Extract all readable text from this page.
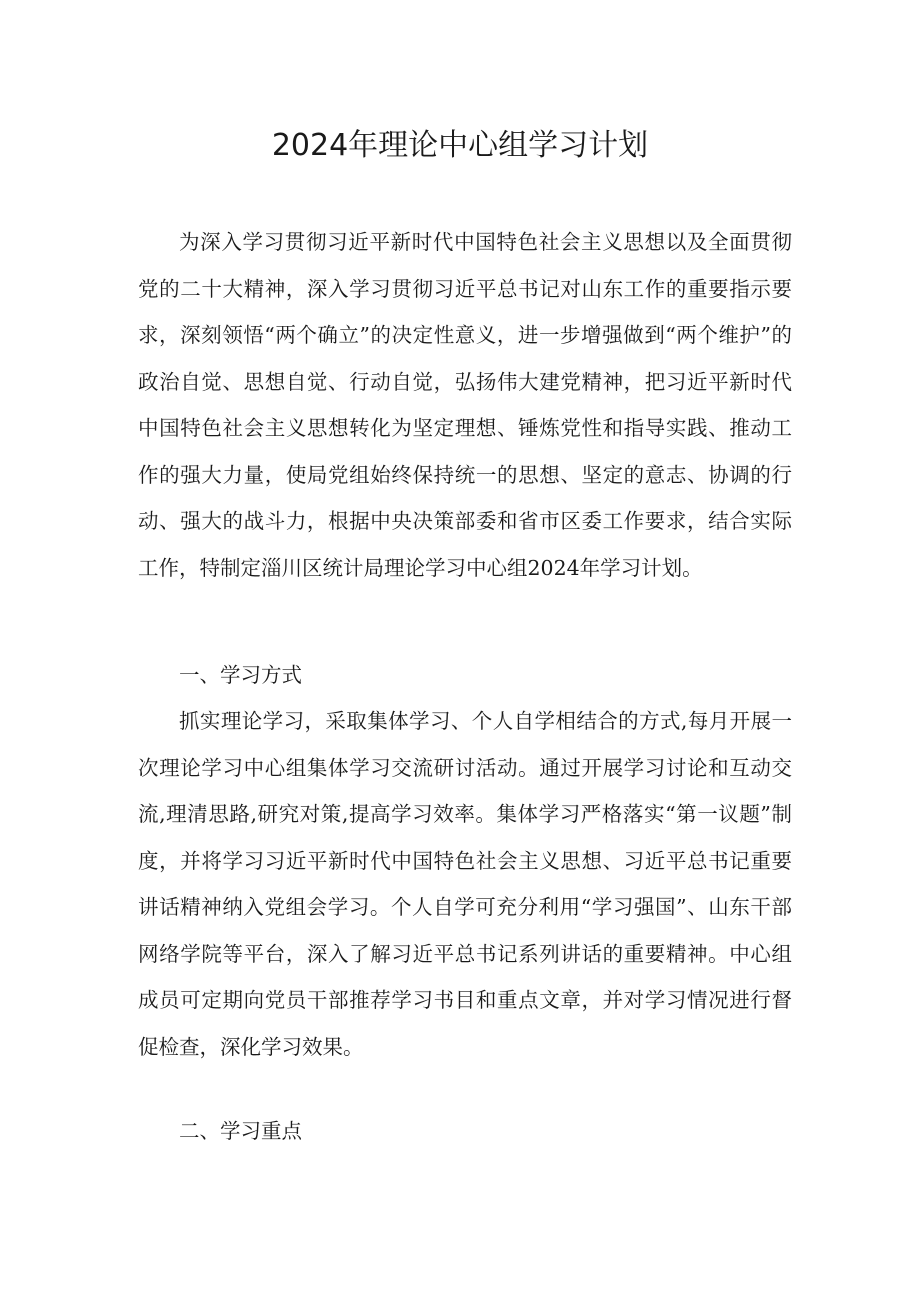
2024年理论中心组学习计划

为深入学习贯彻习近平新时代中国特色社会主义思想以及全面贯彻党的二十大精神，深入学习贯彻习近平总书记对山东工作的重要指示要求，深刻领悟“两个确立”的决定性意义，进一步增强做到“两个维护”的政治自觉、思想自觉、行动自觉，弘扬伟大建党精神，把习近平新时代中国特色社会主义思想转化为坚定理想、锤炼党性和指导实践、推动工作的强大力量，使局党组始终保持统一的思想、坚定的意志、协调的行动、强大的战斗力，根据中央决策部委和省市区委工作要求，结合实际工作，特制定淄川区统计局理论学习中心组2024年学习计划。

一、学习方式

抓实理论学习，采取集体学习、个人自学相结合的方式,每月开展一次理论学习中心组集体学习交流研讨活动。通过开展学习讨论和互动交流,理清思路,研究对策,提高学习效率。集体学习严格落实“第一议题”制度，并将学习习近平新时代中国特色社会主义思想、习近平总书记重要讲话精神纳入党组会学习。个人自学可充分利用“学习强国”、山东干部网络学院等平台，深入了解习近平总书记系列讲话的重要精神。中心组成员可定期向党员干部推荐学习书目和重点文章，并对学习情况进行督促检查，深化学习效果。

二、学习重点
